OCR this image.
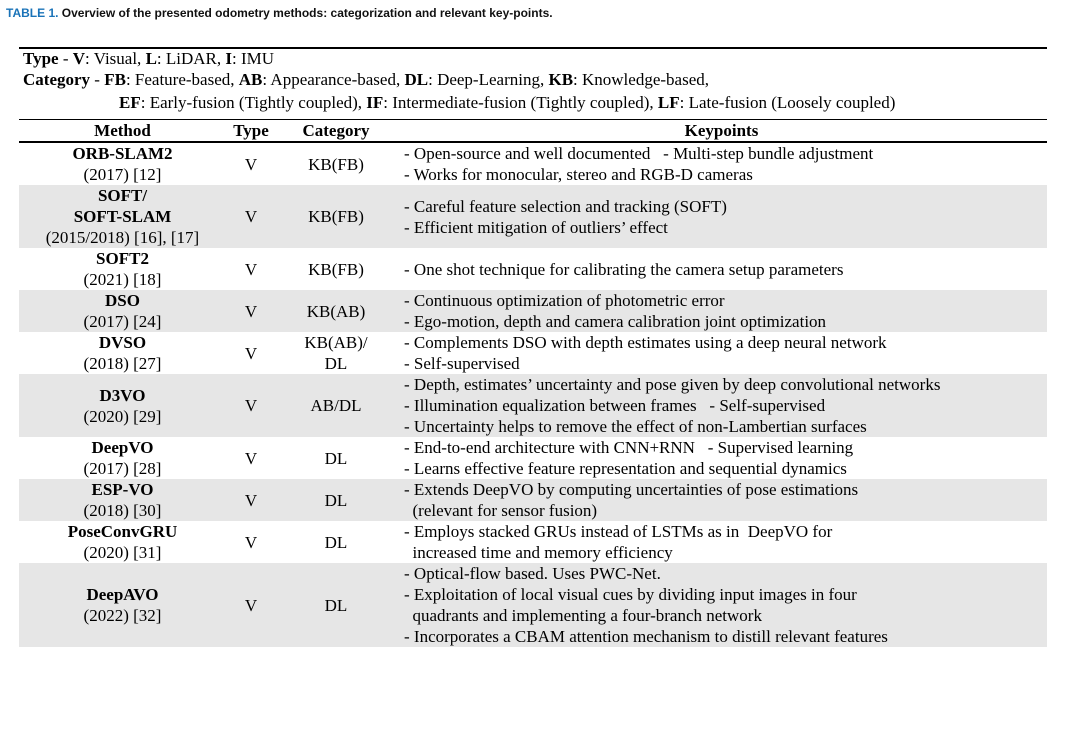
TABLE 1. Overview of the presented odometry methods: categorization and relevant key-points.
Type - V: Visual, L: LiDAR, I: IMU
Category - FB: Feature-based, AB: Appearance-based, DL: Deep-Learning, KB: Knowledge-based,
EF: Early-fusion (Tightly coupled), IF: Intermediate-fusion (Tightly coupled), LF: Late-fusion (Loosely coupled)
Method	Type	Category	Keypoints

ORB-SLAM2
(2017) [12]	V	KB(FB)	- Open-source and well documented   - Multi-step bundle adjustment
- Works for monocular, stereo and RGB-D cameras

SOFT/
SOFT-SLAM
(2015/2018) [16], [17]	V	KB(FB)	- Careful feature selection and tracking (SOFT)
- Efficient mitigation of outliers’ effect

SOFT2
(2021) [18]	V	KB(FB)	- One shot technique for calibrating the camera setup parameters

DSO
(2017) [24]	V	KB(AB)	- Continuous optimization of photometric error
- Ego-motion, depth and camera calibration joint optimization

DVSO
(2018) [27]	V	KB(AB)/
DL	- Complements DSO with depth estimates using a deep neural network
- Self-supervised

D3VO
(2020) [29]	V	AB/DL	- Depth, estimates’ uncertainty and pose given by deep convolutional networks
- Illumination equalization between frames   - Self-supervised
- Uncertainty helps to remove the effect of non-Lambertian surfaces

DeepVO
(2017) [28]	V	DL	- End-to-end architecture with CNN+RNN   - Supervised learning
- Learns effective feature representation and sequential dynamics

ESP-VO
(2018) [30]	V	DL	- Extends DeepVO by computing uncertainties of pose estimations
(relevant for sensor fusion)

PoseConvGRU
(2020) [31]	V	DL	- Employs stacked GRUs instead of LSTMs as in  DeepVO for
increased time and memory efficiency

DeepAVO
(2022) [32]	V	DL	- Optical-flow based. Uses PWC-Net.
- Exploitation of local visual cues by dividing input images in four
quadrants and implementing a four-branch network
- Incorporates a CBAM attention mechanism to distill relevant features
